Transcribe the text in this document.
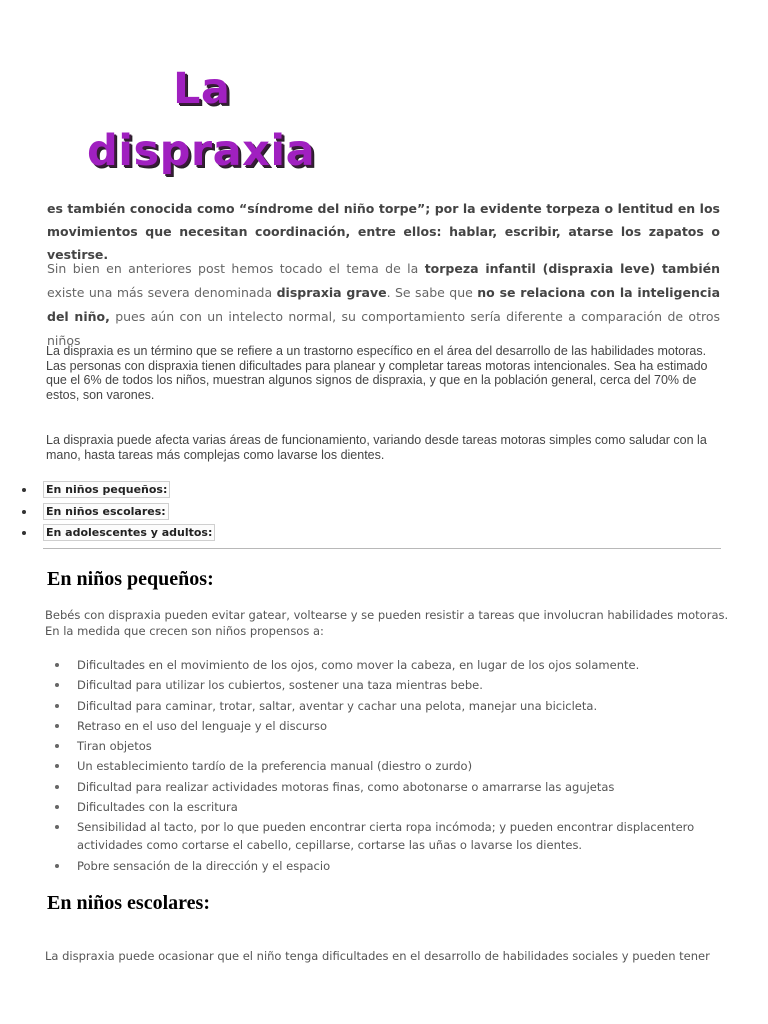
La
dispraxia
es también conocida como “síndrome del niño torpe”; por la evidente torpeza o lentitud en los movimientos que necesitan coordinación, entre ellos: hablar, escribir, atarse los zapatos o vestirse.
Sin bien en anteriores post hemos tocado el tema de la torpeza infantil (dispraxia leve) también existe una más severa denominada dispraxia grave. Se sabe que no se relaciona con la inteligencia del niño, pues aún con un intelecto normal, su comportamiento sería diferente a comparación de otros niños
La dispraxia es un término que se refiere a un trastorno específico en el área del desarrollo de las habilidades motoras.
Las personas con dispraxia tienen dificultades para planear y completar tareas motoras intencionales. Sea ha estimado que el 6% de todos los niños, muestran algunos signos de dispraxia, y que en la población general, cerca del 70% de estos, son varones.
La dispraxia puede afecta varias áreas de funcionamiento, variando desde tareas motoras simples como saludar con la mano, hasta tareas más complejas como lavarse los dientes.
En niños pequeños:
En niños escolares:
En adolescentes y adultos:
En niños pequeños:
Bebés con dispraxia pueden evitar gatear, voltearse y se pueden resistir a tareas que involucran habilidades motoras. En la medida que crecen son niños propensos a:
Dificultades en el movimiento de los ojos, como mover la cabeza, en lugar de los ojos solamente.
Dificultad para utilizar los cubiertos, sostener una taza mientras bebe.
Dificultad para caminar, trotar, saltar, aventar y cachar una pelota, manejar una bicicleta.
Retraso en el uso del lenguaje y el discurso
Tiran objetos
Un establecimiento tardío de la preferencia manual (diestro o zurdo)
Dificultad para realizar actividades motoras finas, como abotonarse o amarrarse las agujetas
Dificultades con la escritura
Sensibilidad al tacto, por lo que pueden encontrar cierta ropa incómoda; y pueden encontrar displacentero actividades como cortarse el cabello, cepillarse, cortarse las uñas o lavarse los dientes.
Pobre sensación de la dirección y el espacio
En niños escolares:
La dispraxia puede ocasionar que el niño tenga dificultades en el desarrollo de habilidades sociales y pueden tener
